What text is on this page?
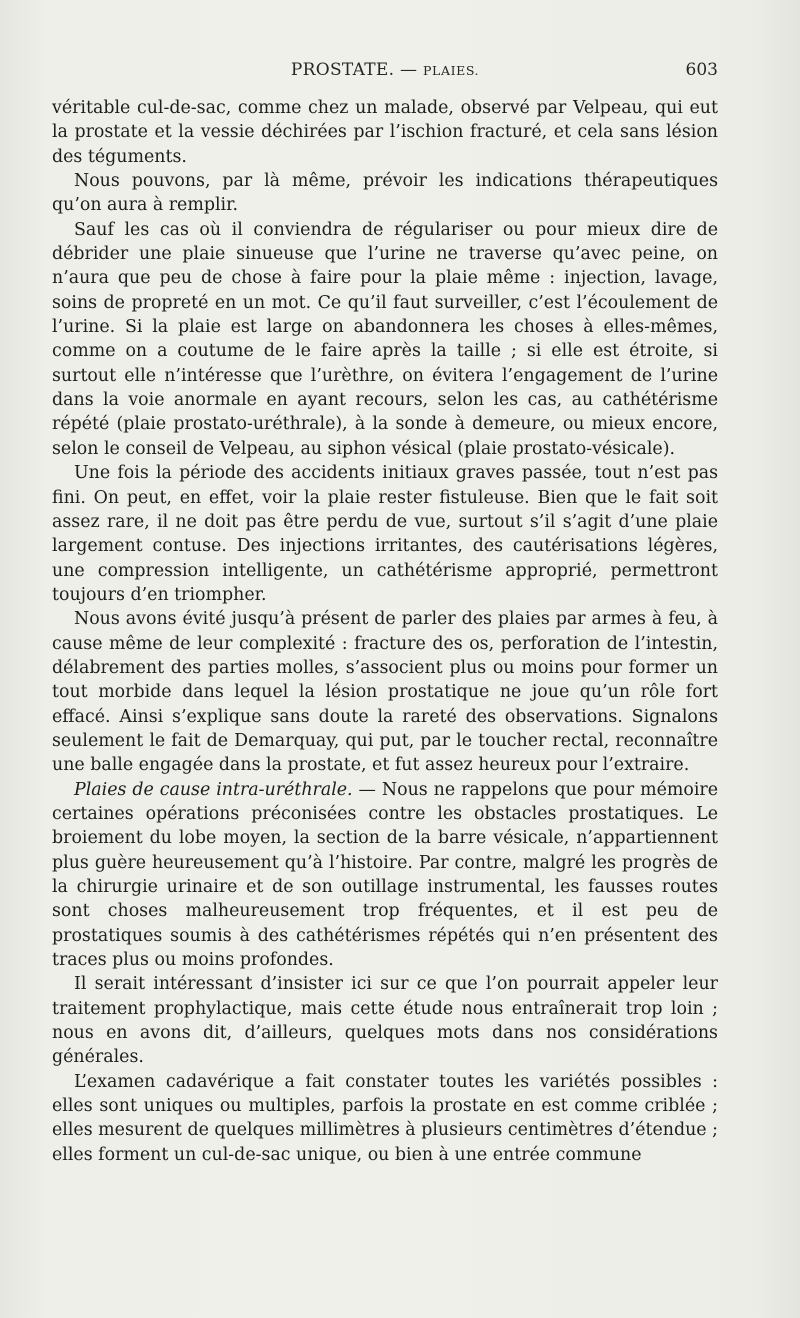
PROSTATE. — PLAIES.	603

véritable cul-de-sac, comme chez un malade, observé par Velpeau, qui eut la prostate et la vessie déchirées par l’ischion fracturé, et cela sans lésion des téguments.

Nous pouvons, par là même, prévoir les indications thérapeutiques qu’on aura à remplir.

Sauf les cas où il conviendra de régulariser ou pour mieux dire de débrider une plaie sinueuse que l’urine ne traverse qu’avec peine, on n’aura que peu de chose à faire pour la plaie même : injection, lavage, soins de propreté en un mot. Ce qu’il faut surveiller, c’est l’écoulement de l’urine. Si la plaie est large on abandonnera les choses à elles-mêmes, comme on a coutume de le faire après la taille ; si elle est étroite, si surtout elle n’intéresse que l’urèthre, on évitera l’engagement de l’urine dans la voie anormale en ayant recours, selon les cas, au cathétérisme répété (plaie prostato-uréthrale), à la sonde à demeure, ou mieux encore, selon le conseil de Velpeau, au siphon vésical (plaie prostato-vésicale).

Une fois la période des accidents initiaux graves passée, tout n’est pas fini. On peut, en effet, voir la plaie rester fistuleuse. Bien que le fait soit assez rare, il ne doit pas être perdu de vue, surtout s’il s’agit d’une plaie largement contuse. Des injections irritantes, des cautérisations légères, une compression intelligente, un cathétérisme approprié, permettront toujours d’en triompher.

Nous avons évité jusqu’à présent de parler des plaies par armes à feu, à cause même de leur complexité : fracture des os, perforation de l’intestin, délabrement des parties molles, s’associent plus ou moins pour former un tout morbide dans lequel la lésion prostatique ne joue qu’un rôle fort effacé. Ainsi s’explique sans doute la rareté des observations. Signalons seulement le fait de Demarquay, qui put, par le toucher rectal, reconnaître une balle engagée dans la prostate, et fut assez heureux pour l’extraire.

Plaies de cause intra-uréthrale. — Nous ne rappelons que pour mémoire certaines opérations préconisées contre les obstacles prostatiques. Le broiement du lobe moyen, la section de la barre vésicale, n’appartiennent plus guère heureusement qu’à l’histoire. Par contre, malgré les progrès de la chirurgie urinaire et de son outillage instrumental, les fausses routes sont choses malheureusement trop fréquentes, et il est peu de prostatiques soumis à des cathétérismes répétés qui n’en présentent des traces plus ou moins profondes.

Il serait intéressant d’insister ici sur ce que l’on pourrait appeler leur traitement prophylactique, mais cette étude nous entraînerait trop loin ; nous en avons dit, d’ailleurs, quelques mots dans nos considérations générales.

L’examen cadavérique a fait constater toutes les variétés possibles : elles sont uniques ou multiples, parfois la prostate en est comme criblée ; elles mesurent de quelques millimètres à plusieurs centimètres d’étendue ; elles forment un cul-de-sac unique, ou bien à une entrée commune
